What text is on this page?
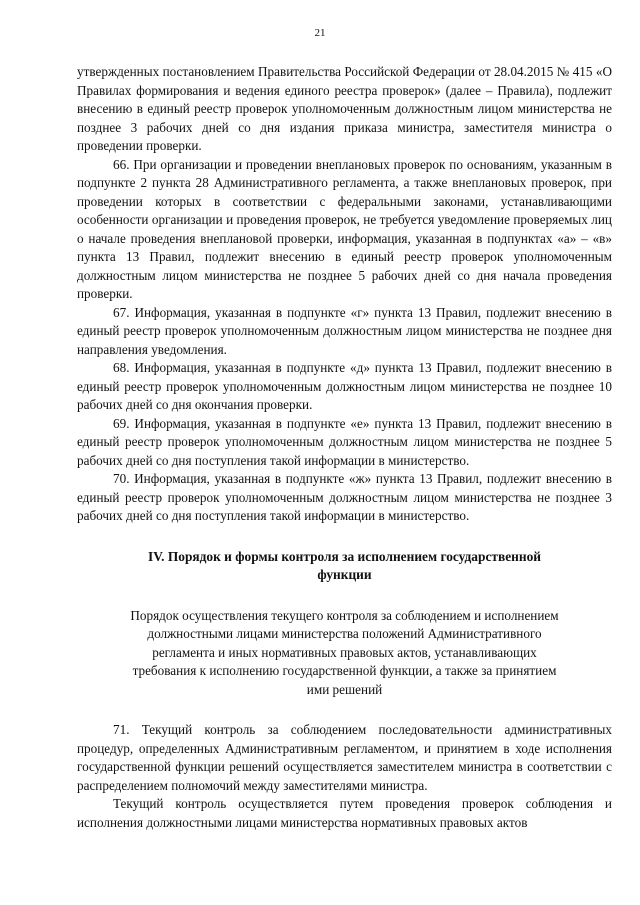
21

утвержденных постановлением Правительства Российской Федерации от 28.04.2015 № 415 «О Правилах формирования и ведения единого реестра проверок» (далее – Правила), подлежит внесению в единый реестр проверок уполномоченным должностным лицом министерства не позднее 3 рабочих дней со дня издания приказа министра, заместителя министра о проведении проверки.

66. При организации и проведении внеплановых проверок по основаниям, указанным в подпункте 2 пункта 28 Административного регламента, а также внеплановых проверок, при проведении которых в соответствии с федеральными законами, устанавливающими особенности организации и проведения проверок, не требуется уведомление проверяемых лиц о начале проведения внеплановой проверки, информация, указанная в подпунктах «а» – «в» пункта 13 Правил, подлежит внесению в единый реестр проверок уполномоченным должностным лицом министерства не позднее 5 рабочих дней со дня начала проведения проверки.

67. Информация, указанная в подпункте «г» пункта 13 Правил, подлежит внесению в единый реестр проверок уполномоченным должностным лицом министерства не позднее дня направления уведомления.

68. Информация, указанная в подпункте «д» пункта 13 Правил, подлежит внесению в единый реестр проверок уполномоченным должностным лицом министерства не позднее 10 рабочих дней со дня окончания проверки.

69. Информация, указанная в подпункте «е» пункта 13 Правил, подлежит внесению в единый реестр проверок уполномоченным должностным лицом министерства не позднее 5 рабочих дней со дня поступления такой информации в министерство.

70. Информация, указанная в подпункте «ж» пункта 13 Правил, подлежит внесению в единый реестр проверок уполномоченным должностным лицом министерства не позднее 3 рабочих дней со дня поступления такой информации в министерство.

IV. Порядок и формы контроля за исполнением государственной функции
Порядок осуществления текущего контроля за соблюдением и исполнением должностными лицами министерства положений Административного регламента и иных нормативных правовых актов, устанавливающих требования к исполнению государственной функции, а также за принятием ими решений

71. Текущий контроль за соблюдением последовательности административных процедур, определенных Административным регламентом, и принятием в ходе исполнения государственной функции решений осуществляется заместителем министра в соответствии с распределением полномочий между заместителями министра.

Текущий контроль осуществляется путем проведения проверок соблюдения и исполнения должностными лицами министерства нормативных правовых актов
